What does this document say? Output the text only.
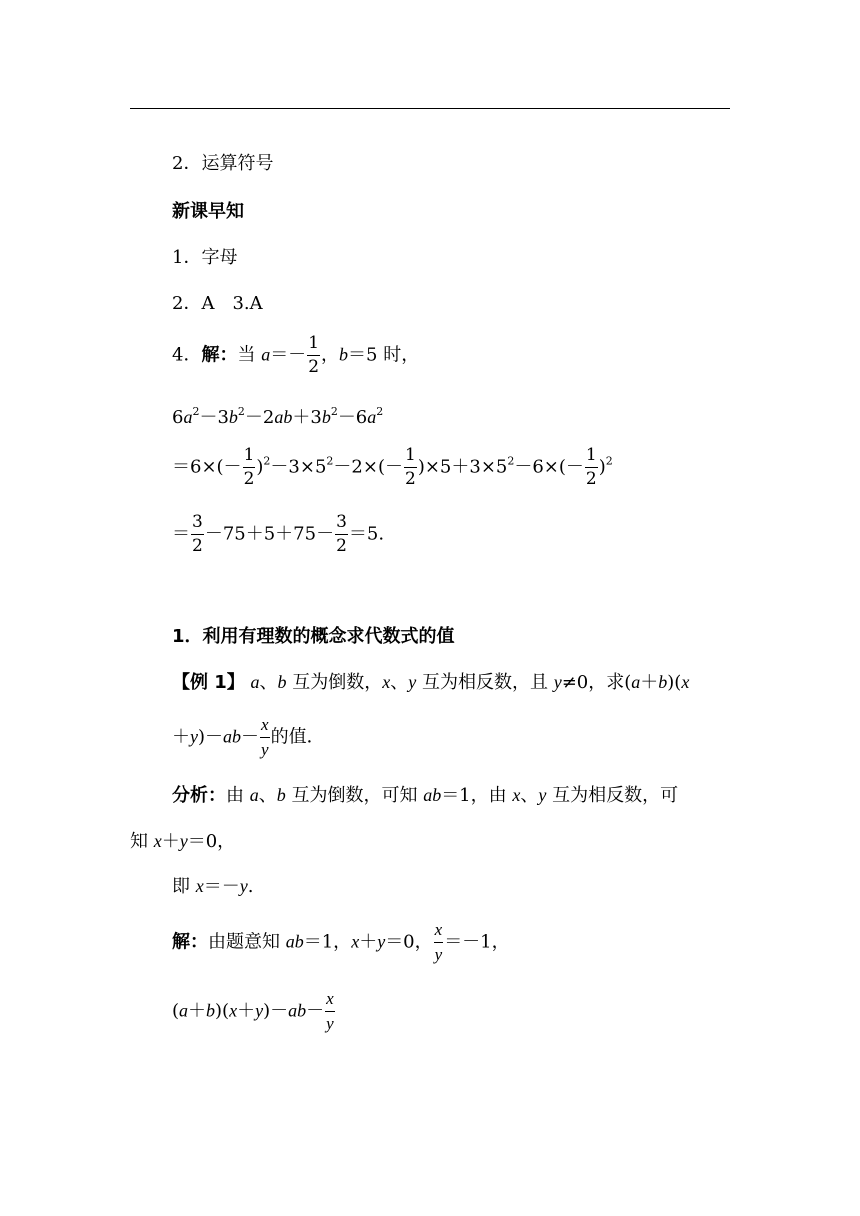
2．运算符号
新课早知
1．字母
2．A　3.A
4．解：当 $a=- \frac{1}{2}$ ，b＝5 时，
$6a^2-3b^2-2ab+3b^2-6a^2$
$=6\times(- \frac{1}{2} )^2-3\times 5^2-2\times(- \frac{1}{2} )\times 5+3\times 5^2-6\times(- \frac{1}{2} )^2$
＝ $\frac{3}{2} -75+5+75- \frac{3}{2} =5$.
1．利用有理数的概念求代数式的值
【例 1】 a、b 互为倒数，x、y 互为相反数，且 y≠0，求(a＋b)(x
$+y)-ab- \frac{x}{y}$ 的值．
分析：由 a、b 互为倒数，可知 ab＝1，由 x、y 互为相反数，可
知 x＋y＝0，
即 x＝－y.
解：由题意知 ab＝1，x＋y＝0， $\frac{x}{y} =-1$，
$(a+b)(x+y)-ab- \frac{x}{y}$
